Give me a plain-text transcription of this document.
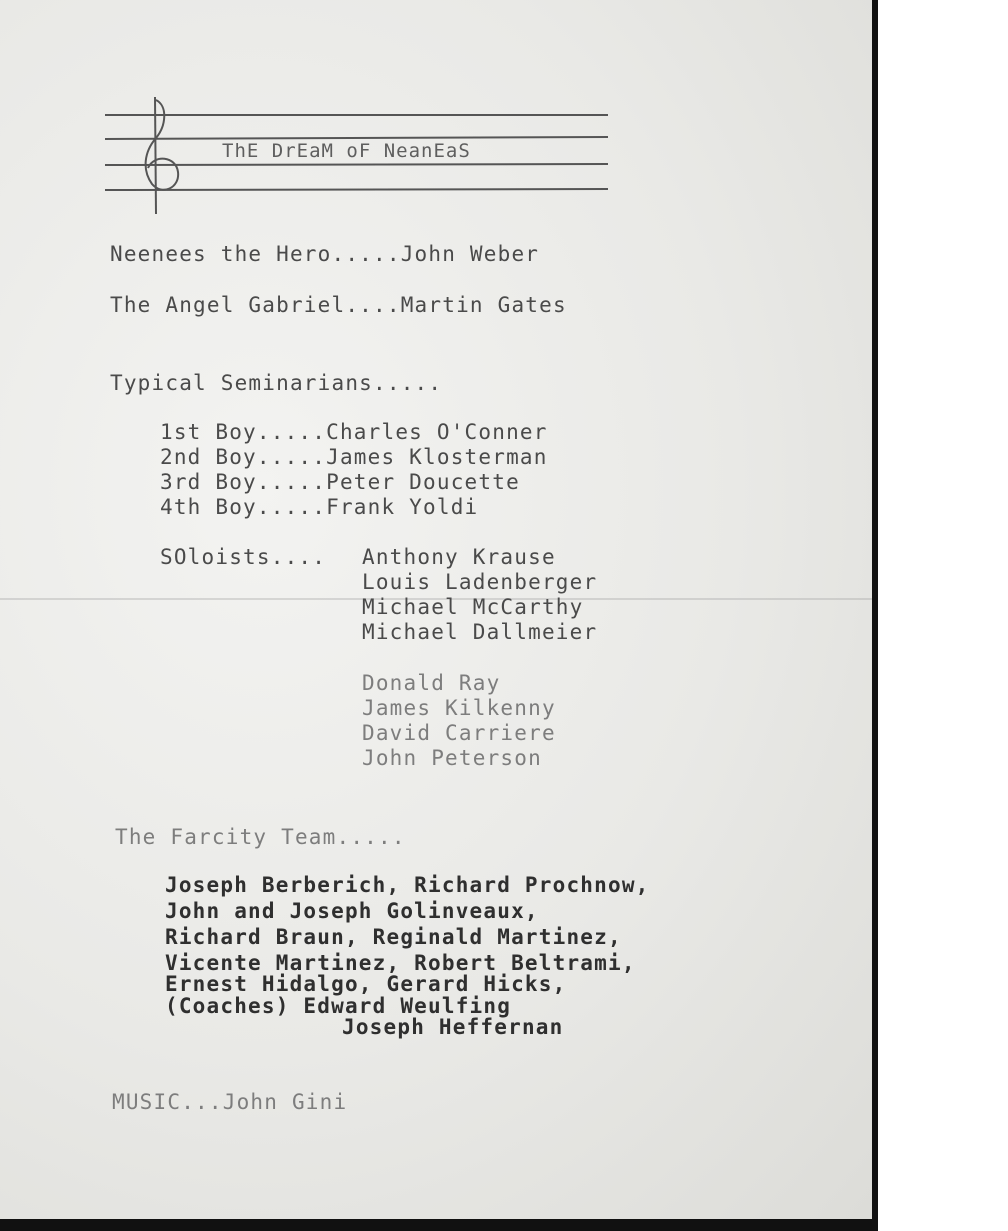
ThE DrEaM oF NeanEaS
Neenees the Hero.....John Weber
The Angel Gabriel....Martin Gates
Typical Seminarians.....
1st Boy.....Charles O'Conner
2nd Boy.....James Klosterman
3rd Boy.....Peter Doucette
4th Boy.....Frank Yoldi
SOloists.... Anthony Krause
Louis Ladenberger
Michael McCarthy
Michael Dallmeier
Donald Ray
James Kilkenny
David Carriere
John Peterson
The Farcity Team.....
Joseph Berberich, Richard Prochnow,
John and Joseph Golinveaux,
Richard Braun, Reginald Martinez,
Vicente Martinez, Robert Beltrami,
Ernest Hidalgo, Gerard Hicks,
(Coaches) Edward Weulfing
Joseph Heffernan
MUSIC...John Gini
